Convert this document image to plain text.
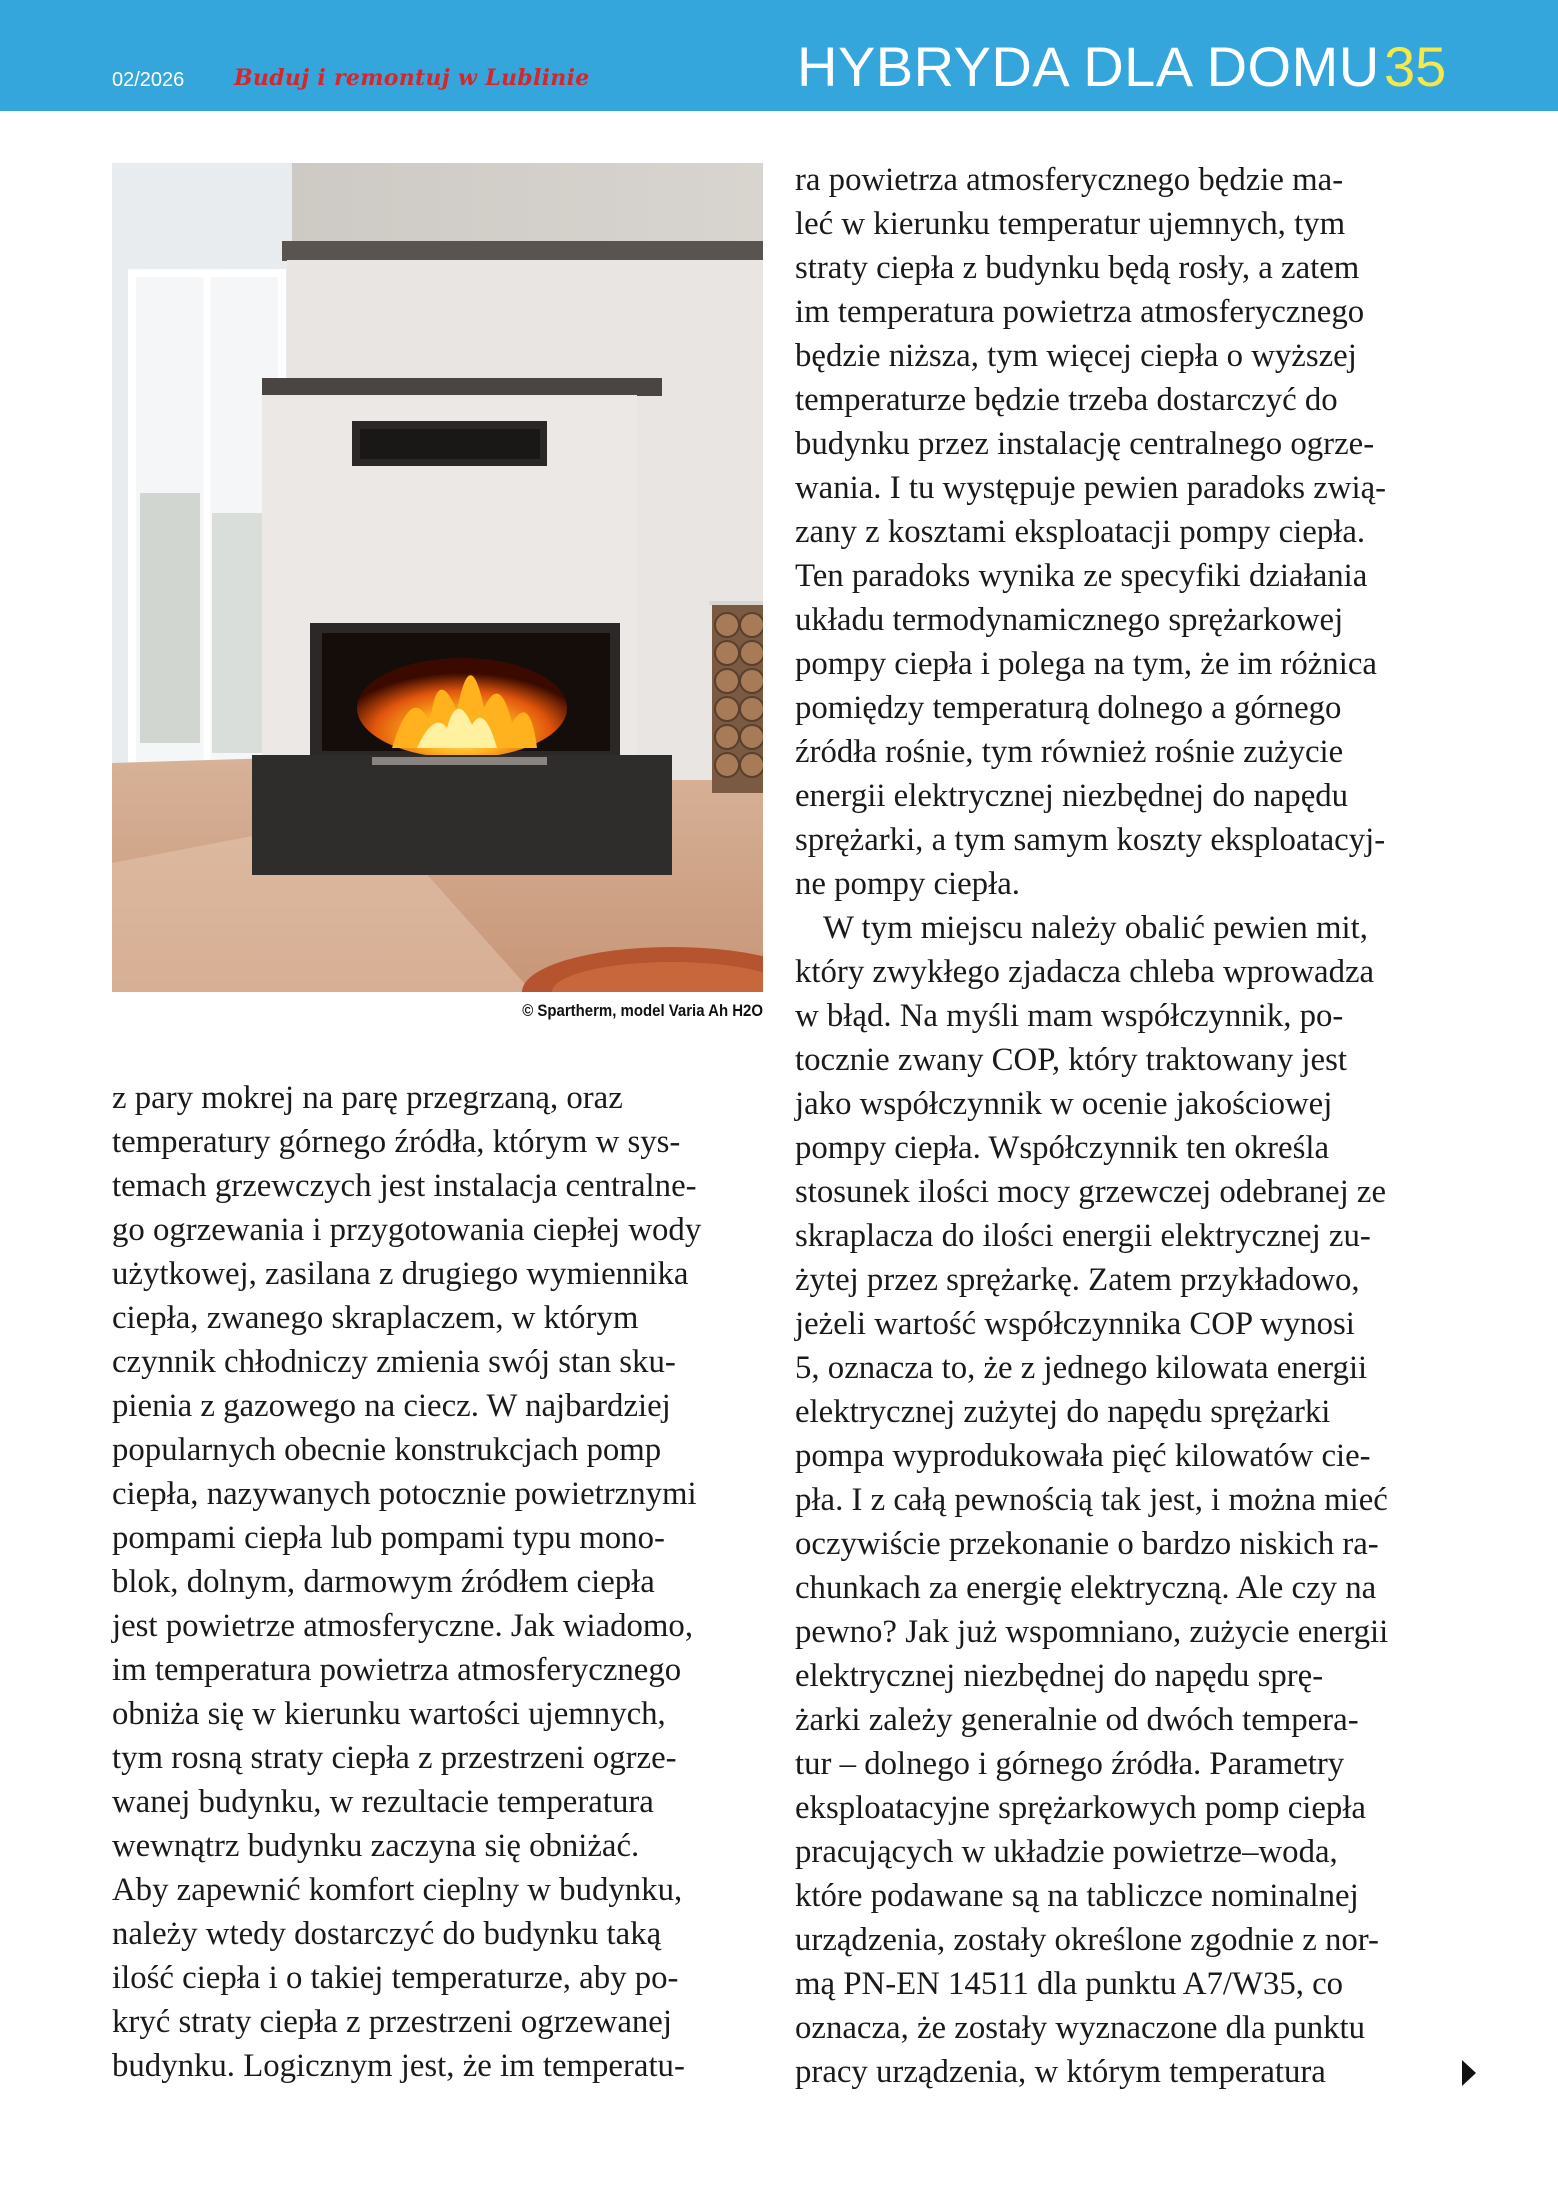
02/2026 Buduj i remontuj w Lublinie	HYBRYDA DLA DOMU 35
© Spartherm, model Varia Ah H2O
z pary mokrej na parę przegrzaną, oraz
temperatury górnego źródła, którym w sys-
temach grzewczych jest instalacja centralne-
go ogrzewania i przygotowania ciepłej wody
użytkowej, zasilana z drugiego wymiennika
ciepła, zwanego skraplaczem, w którym
czynnik chłodniczy zmienia swój stan sku-
pienia z gazowego na ciecz. W najbardziej
popularnych obecnie konstrukcjach pomp
ciepła, nazywanych potocznie powietrznymi
pompami ciepła lub pompami typu mono-
blok, dolnym, darmowym źródłem ciepła
jest powietrze atmosferyczne. Jak wiadomo,
im temperatura powietrza atmosferycznego
obniża się w kierunku wartości ujemnych,
tym rosną straty ciepła z przestrzeni ogrze-
wanej budynku, w rezultacie temperatura
wewnątrz budynku zaczyna się obniżać.
Aby zapewnić komfort cieplny w budynku,
należy wtedy dostarczyć do budynku taką
ilość ciepła i o takiej temperaturze, aby po-
kryć straty ciepła z przestrzeni ogrzewanej
budynku. Logicznym jest, że im temperatu-

ra powietrza atmosferycznego będzie ma-
leć w kierunku temperatur ujemnych, tym
straty ciepła z budynku będą rosły, a zatem
im temperatura powietrza atmosferycznego
będzie niższa, tym więcej ciepła o wyższej
temperaturze będzie trzeba dostarczyć do
budynku przez instalację centralnego ogrze-
wania. I tu występuje pewien paradoks zwią-
zany z kosztami eksploatacji pompy ciepła.
Ten paradoks wynika ze specyfiki działania
układu termodynamicznego sprężarkowej
pompy ciepła i polega na tym, że im różnica
pomiędzy temperaturą dolnego a górnego
źródła rośnie, tym również rośnie zużycie
energii elektrycznej niezbędnej do napędu
sprężarki, a tym samym koszty eksploatacyj-
ne pompy ciepła.

W tym miejscu należy obalić pewien mit,
który zwykłego zjadacza chleba wprowadza
w błąd. Na myśli mam współczynnik, po-
tocznie zwany COP, który traktowany jest
jako współczynnik w ocenie jakościowej
pompy ciepła. Współczynnik ten określa
stosunek ilości mocy grzewczej odebranej ze
skraplacza do ilości energii elektrycznej zu-
żytej przez sprężarkę. Zatem przykładowo,
jeżeli wartość współczynnika COP wynosi
5, oznacza to, że z jednego kilowata energii
elektrycznej zużytej do napędu sprężarki
pompa wyprodukowała pięć kilowatów cie-
pła. I z całą pewnością tak jest, i można mieć
oczywiście przekonanie o bardzo niskich ra-
chunkach za energię elektryczną. Ale czy na
pewno? Jak już wspomniano, zużycie energii
elektrycznej niezbędnej do napędu sprę-
żarki zależy generalnie od dwóch tempera-
tur – dolnego i górnego źródła. Parametry
eksploatacyjne sprężarkowych pomp ciepła
pracujących w układzie powietrze–woda,
które podawane są na tabliczce nominalnej
urządzenia, zostały określone zgodnie z nor-
mą PN-EN 14511 dla punktu A7/W35, co
oznacza, że zostały wyznaczone dla punktu
pracy urządzenia, w którym temperatura
